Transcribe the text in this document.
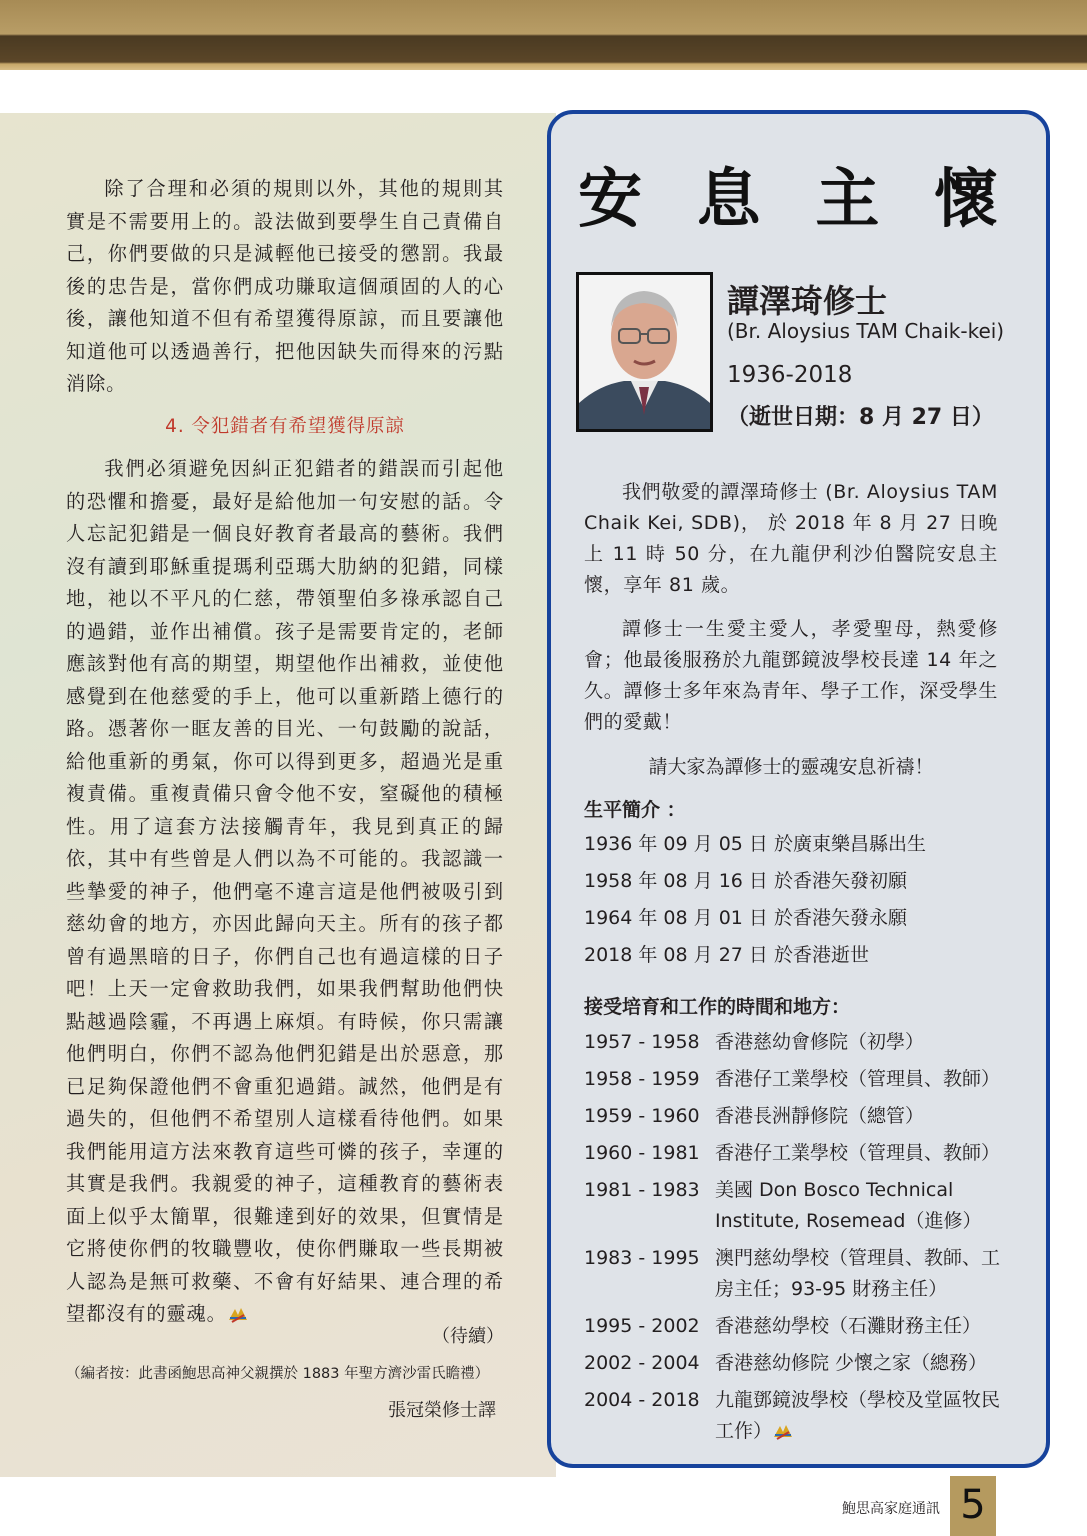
除了合理和必須的規則以外，其他的規則其實是不需要用上的。設法做到要學生自己責備自己，你們要做的只是減輕他已接受的懲罰。我最後的忠告是，當你們成功賺取這個頑固的人的心後，讓他知道不但有希望獲得原諒，而且要讓他知道他可以透過善行，把他因缺失而得來的污點消除。

4. 令犯錯者有希望獲得原諒

我們必須避免因糾正犯錯者的錯誤而引起他的恐懼和擔憂，最好是給他加一句安慰的話。令人忘記犯錯是一個良好教育者最高的藝術。我們沒有讀到耶穌重提瑪利亞瑪大肋納的犯錯，同樣地，祂以不平凡的仁慈，帶領聖伯多祿承認自己的過錯，並作出補償。孩子是需要肯定的，老師應該對他有高的期望，期望他作出補救，並使他感覺到在他慈愛的手上，他可以重新踏上德行的路。憑著你一眶友善的目光、一句鼓勵的說話，給他重新的勇氣，你可以得到更多，超過光是重複責備。重複責備只會令他不安，窒礙他的積極性。用了這套方法接觸青年，我見到真正的歸依，其中有些曾是人們以為不可能的。我認識一些摯愛的神子，他們毫不違言這是他們被吸引到慈幼會的地方，亦因此歸向天主。所有的孩子都曾有過黑暗的日子，你們自己也有過這樣的日子吧！上天一定會救助我們，如果我們幫助他們快點越過陰霾，不再遇上麻煩。有時候，你只需讓他們明白，你們不認為他們犯錯是出於惡意，那已足夠保證他們不會重犯過錯。誠然，他們是有過失的，但他們不希望別人這樣看待他們。如果我們能用這方法來教育這些可憐的孩子，幸運的其實是我們。我親愛的神子，這種教育的藝術表面上似乎太簡單，很難達到好的效果，但實情是它將使你們的牧職豐收，使你們賺取一些長期被人認為是無可救藥、不會有好結果、連合理的希望都沒有的靈魂。

（待續）
（編者按：此書函鮑思高神父親撰於 1883 年聖方濟沙雷氏瞻禮）
張冠榮修士譯
安 息 主 懷
譚澤琦修士
(Br. Aloysius TAM Chaik-kei)
1936-2018
（逝世日期：8 月 27 日）

我們敬愛的譚澤琦修士 (Br. Aloysius TAM Chaik Kei, SDB)， 於 2018 年 8 月 27 日晚上 11 時 50 分，在九龍伊利沙伯醫院安息主懷，享年 81 歲。

譚修士一生愛主愛人，孝愛聖母，熱愛修會；他最後服務於九龍鄧鏡波學校長達 14 年之久。譚修士多年來為青年、學子工作，深受學生們的愛戴！

請大家為譚修士的靈魂安息祈禱！
生平簡介 ：
1936 年 09 月 05 日 於廣東樂昌縣出生
1958 年 08 月 16 日 於香港矢發初願
1964 年 08 月 01 日 於香港矢發永願
2018 年 08 月 27 日 於香港逝世
接受培育和工作的時間和地方：
1957 - 1958 香港慈幼會修院（初學）
1958 - 1959 香港仔工業學校（管理員、教師）
1959 - 1960 香港長洲靜修院（總管）
1960 - 1981 香港仔工業學校（管理員、教師）
1981 - 1983 美國 Don Bosco Technical Institute, Rosemead（進修）
1983 - 1995 澳門慈幼學校（管理員、教師、工房主任；93-95 財務主任）
1995 - 2002 香港慈幼學校（石灘財務主任）
2002 - 2004 香港慈幼修院 少懷之家（總務）
2004 - 2018 九龍鄧鏡波學校（學校及堂區牧民工作）
鮑思高家庭通訊 5
